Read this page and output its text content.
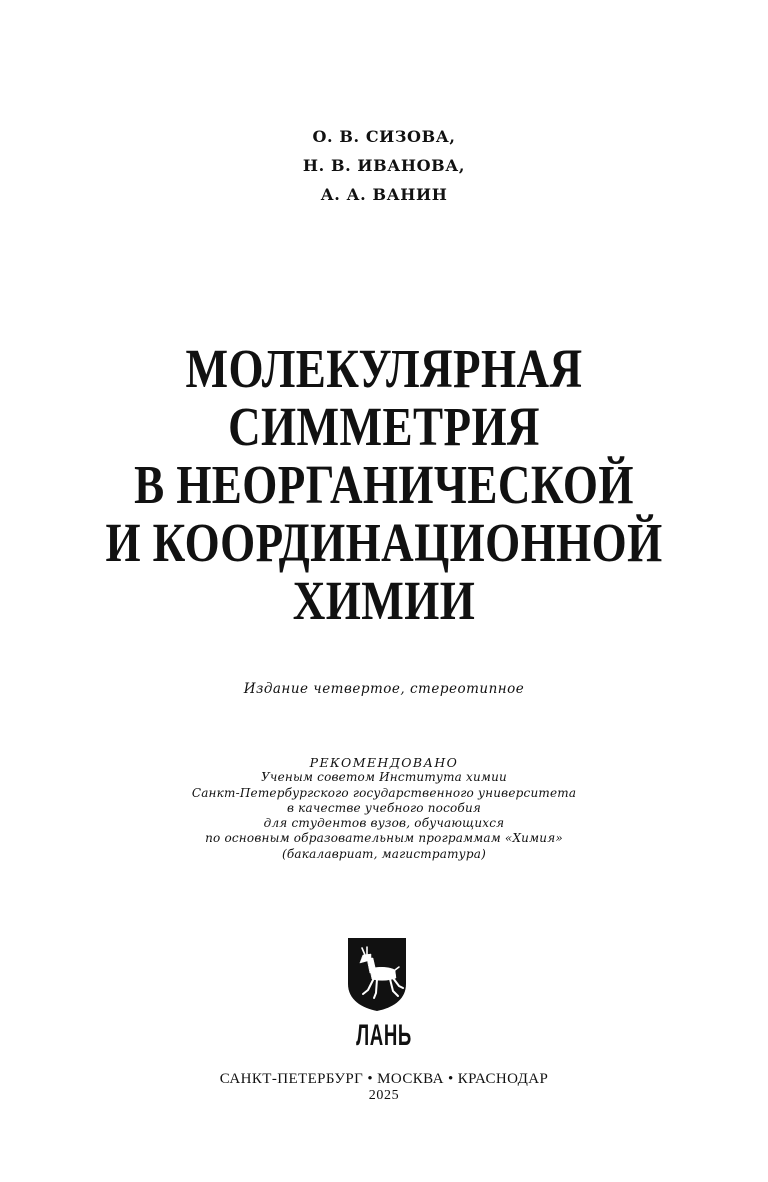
О. В. СИЗОВА,
Н. В. ИВАНОВА,
А. А. ВАНИН
МОЛЕКУЛЯРНАЯ
СИММЕТРИЯ
В НЕОРГАНИЧЕСКОЙ
И КООРДИНАЦИОННОЙ
ХИМИИ
Издание четвертое, стереотипное
РЕКОМЕНДОВАНО
Ученым советом Института химии
Санкт-Петербургского государственного университета
в качестве учебного пособия
для студентов вузов, обучающихся
по основным образовательным программам «Химия»
(бакалавриат, магистратура)
ЛАНЬ
САНКТ-ПЕТЕРБУРГ • МОСКВА • КРАСНОДАР
2025
